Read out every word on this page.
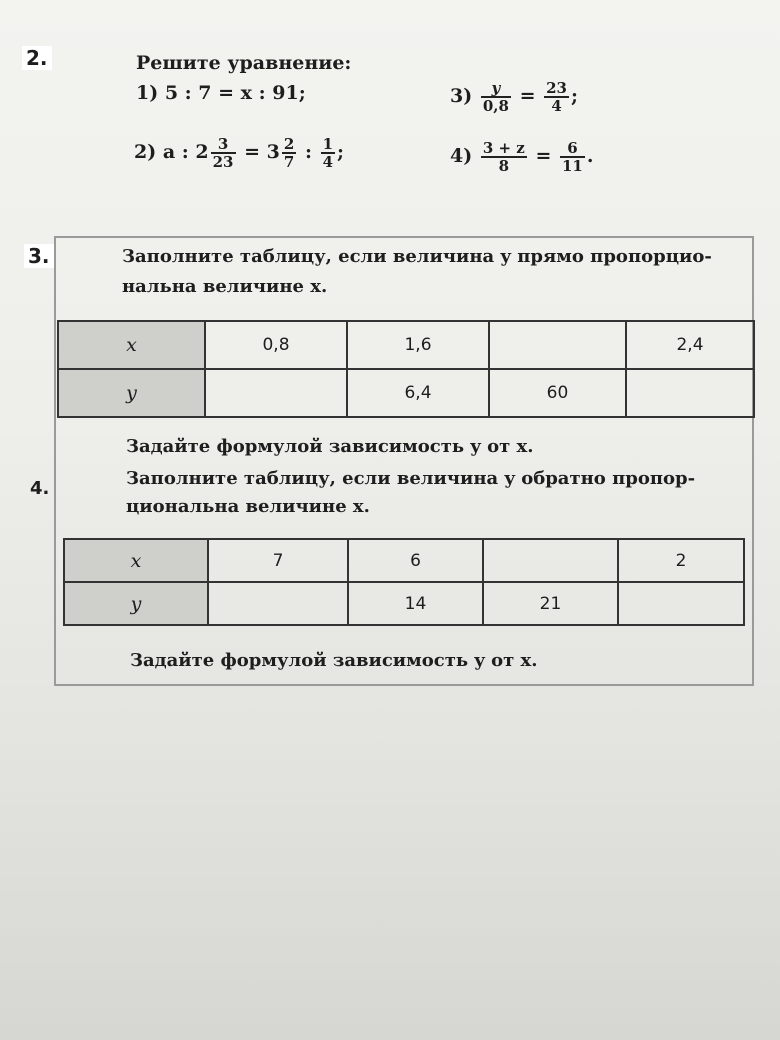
2.	Решите уравнение:
1) 5 : 7 = x : 91;
2) a : $2 \frac{3}{23} = 3 \frac{2}{7}$ : $\frac{1}{4}$ ;
$3) \frac{y}{0,8} = \frac{23}{4}$ ;
$4) \frac{3 + z}{8} = \frac{6}{11}$ .
3.	Заполните таблицу, если величина y прямо пропорцио-
нальна величине x.
x	0,8	1,6		2,4
y		6,4	60	
Задайте формулой зависимость y от x.
4.	Заполните таблицу, если величина y обратно пропор-
циональна величине x.
x	7	6		2
y		14	21	
Задайте формулой зависимость y от x.
